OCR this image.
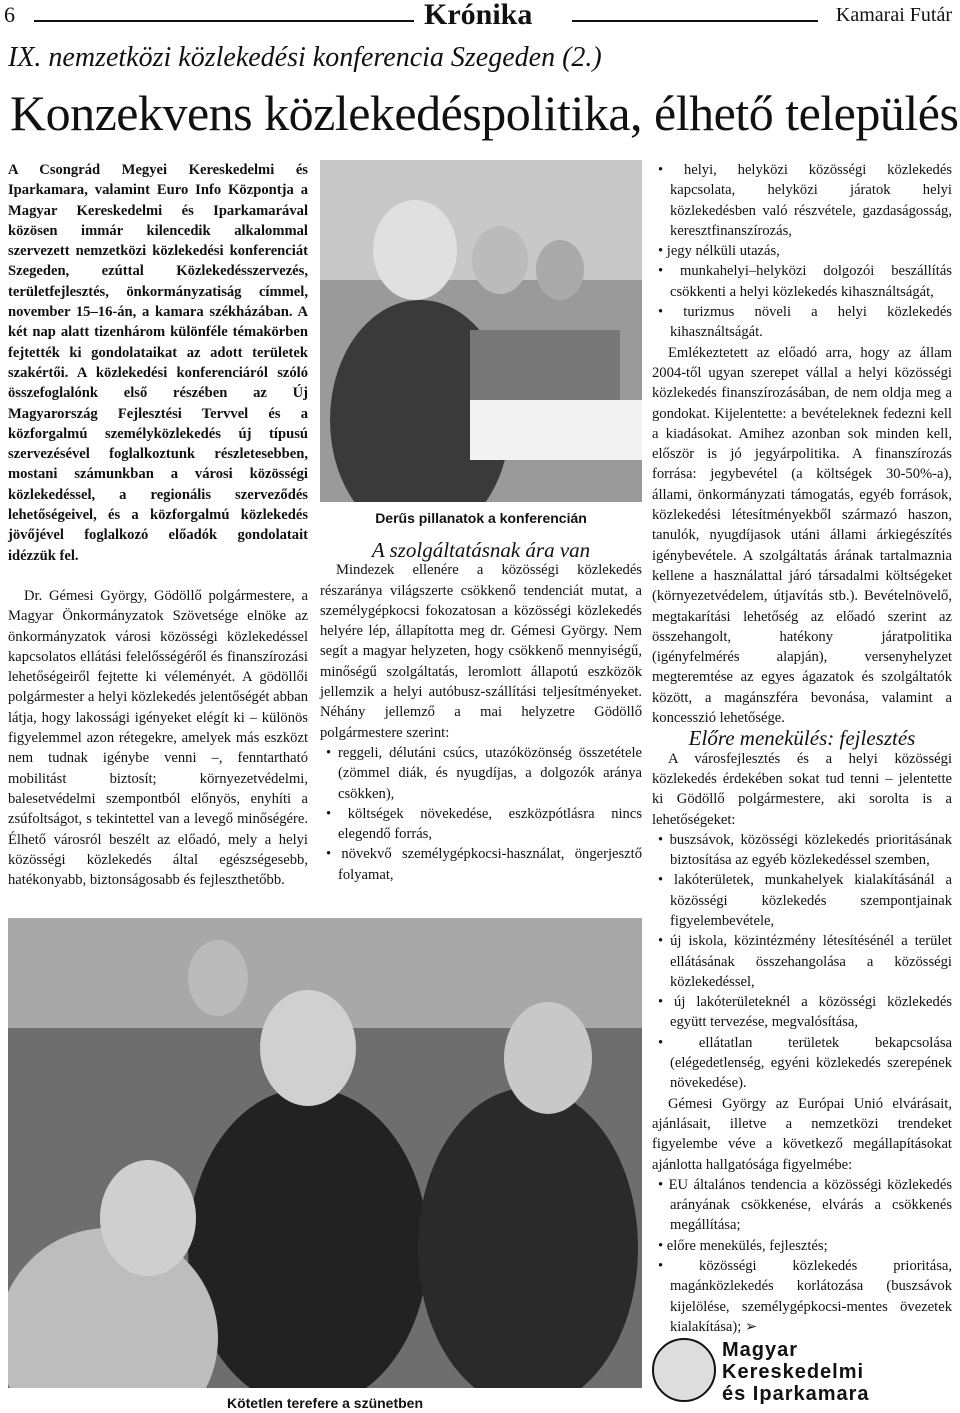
6	Krónika	Kamarai Futár
IX. nemzetközi közlekedési konferencia Szegeden (2.)
Konzekvens közlekedéspolitika, élhető település

A Csongrád Megyei Kereskedelmi és Iparkamara, valamint Euro Info Központja a Magyar Kereskedelmi és Iparkamarával közösen immár kilencedik alkalommal szervezett nemzetközi közlekedési konferenciát Szegeden, ezúttal Közlekedésszervezés, területfejlesztés, önkormányzatiság címmel, november 15–16-án, a kamara székházában. A két nap alatt tizenhárom különféle témakörben fejtették ki gondolataikat az adott területek szakértői. A közlekedési konferenciáról szóló összefoglalónk első részében az Új Magyarország Fejlesztési Tervvel és a közforgalmú személyközlekedés új típusú szervezésével foglalkoztunk részletesebben, mostani számunkban a városi közösségi közlekedéssel, a regionális szerveződés lehetőségeivel, és a közforgalmú közlekedés jövőjével foglalkozó előadók gondolatait idézzük fel.

Dr. Gémesi György, Gödöllő polgármestere, a Magyar Önkormányzatok Szövetsége elnöke az önkormányzatok városi közösségi közlekedéssel kapcsolatos ellátási felelősségéről és finanszírozási lehetőségeiről fejtette ki véleményét. A gödöllői polgármester a helyi közlekedés jelentőségét abban látja, hogy lakossági igényeket elégít ki – különös figyelemmel azon rétegekre, amelyek más eszközt nem tudnak igénybe venni –, fenntartható mobilitást biztosít; környezetvédelmi, balesetvédelmi szempontból előnyös, enyhíti a zsúfoltságot, s tekintettel van a levegő minőségére. Élhető városról beszélt az előadó, mely a helyi közösségi közlekedés által egészségesebb, hatékonyabb, biztonságosabb és fejleszthetőbb.

Derűs pillanatok a konferencián

A szolgáltatásnak ára van

Mindezek ellenére a közösségi közlekedés részaránya világszerte csökkenő tendenciát mutat, a személygépkocsi fokozatosan a közösségi közlekedés helyére lép, állapította meg dr. Gémesi György. Nem segít a magyar helyzeten, hogy csökkenő mennyiségű, minőségű szolgáltatás, leromlott állapotú eszközök jellemzik a helyi autóbusz-szállítási teljesítményeket. Néhány jellemző a mai helyzetre Gödöllő polgármestere szerint:

• reggeli, délutáni csúcs, utazóközönség összetétele (zömmel diák, és nyugdíjas, a dolgozók aránya csökken),

• költségek növekedése, eszközpótlásra nincs elegendő forrás,

• növekvő személygépkocsi-használat, öngerjesztő folyamat,

Kötetlen terefere a szünetben

• helyi, helyközi közösségi közlekedés kapcsolata, helyközi járatok helyi közlekedésben való részvétele, gazdaságosság, keresztfinanszírozás,

• jegy nélküli utazás,

• munkahelyi–helyközi dolgozói beszállítás csökkenti a helyi közlekedés kihasználtságát,

• turizmus növeli a helyi közlekedés kihasználtságát.

Emlékeztetett az előadó arra, hogy az állam 2004-től ugyan szerepet vállal a helyi közösségi közlekedés finanszírozásában, de nem oldja meg a gondokat. Kijelentette: a bevételeknek fedezni kell a kiadásokat. Amihez azonban sok minden kell, először is jó jegyárpolitika. A finanszírozás forrása: jegybevétel (a költségek 30-50%-a), állami, önkormányzati támogatás, egyéb források, közlekedési létesítményekből származó haszon, tanulók, nyugdíjasok utáni állami árkiegészítés igénybevétele. A szolgáltatás árának tartalmaznia kellene a használattal járó társadalmi költségeket (környezetvédelem, útjavítás stb.). Bevételnövelő, megtakarítási lehetőség az előadó szerint az összehangolt, hatékony járatpolitika (igényfelmérés alapján), versenyhelyzet megteremtése az egyes ágazatok és szolgáltatók között, a magánszféra bevonása, valamint a koncesszió lehetősége.

Előre menekülés: fejlesztés

A városfejlesztés és a helyi közösségi közlekedés érdekében sokat tud tenni – jelentette ki Gödöllő polgármestere, aki sorolta is a lehetőségeket:

• buszsávok, közösségi közlekedés prioritásának biztosítása az egyéb közlekedéssel szemben,

• lakóterületek, munkahelyek kialakításánál a közösségi közlekedés szempontjainak figyelembevétele,

• új iskola, közintézmény létesítésénél a terület ellátásának összehangolása a közösségi közlekedéssel,

• új lakóterületeknél a közösségi közlekedés együtt tervezése, megvalósítása,

• ellátatlan területek bekapcsolása (elégedetlenség, egyéni közlekedés szerepének növekedése).

Gémesi György az Európai Unió elvárásait, ajánlásait, illetve a nemzetközi trendeket figyelembe véve a következő megállapításokat ajánlotta hallgatósága figyelmébe:

• EU általános tendencia a közösségi közlekedés arányának csökkenése, elvárás a csökkenés megállítása;

• előre menekülés, fejlesztés;

• közösségi közlekedés prioritása, magánközlekedés korlátozása (buszsávok kijelölése, személygépkocsi-mentes övezetek kialakítása); ➢

Magyar
Kereskedelmi
és Iparkamara
